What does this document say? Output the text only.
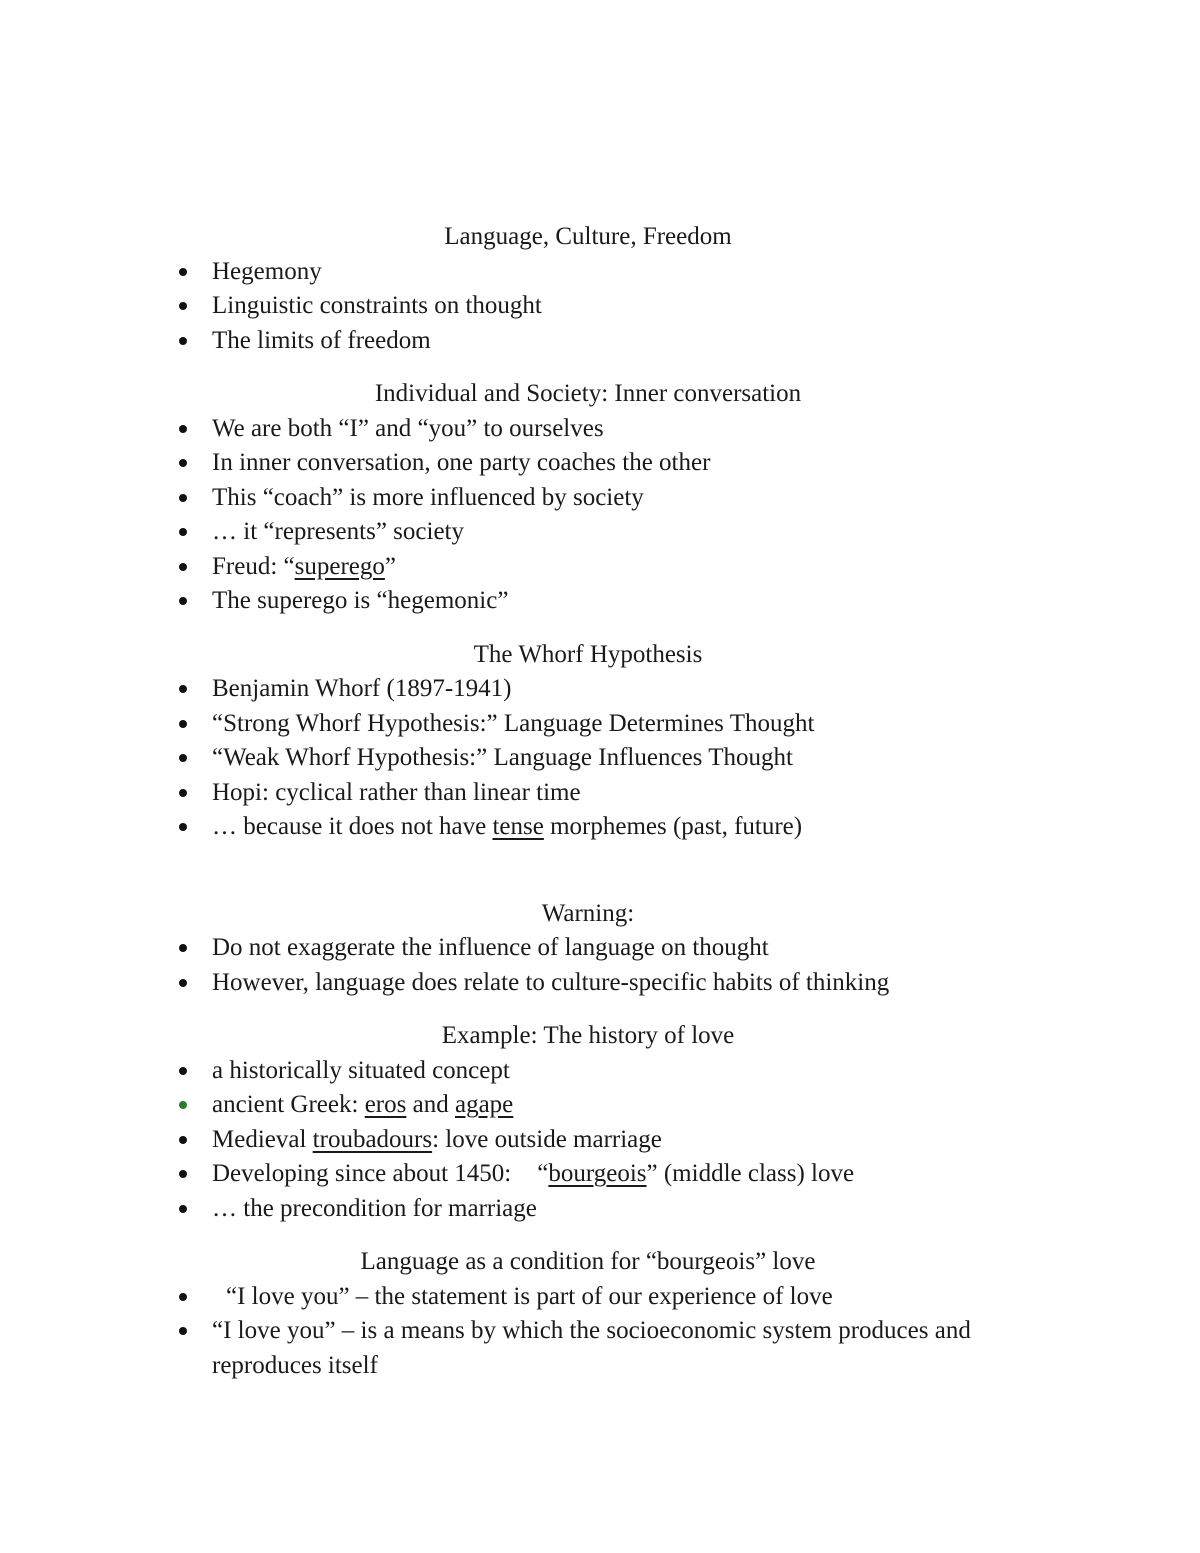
Language, Culture, Freedom

Hegemony
Linguistic constraints on thought
The limits of freedom

Individual and Society: Inner conversation

We are both “I” and “you” to ourselves
In inner conversation, one party coaches the other
This “coach” is more influenced by society
… it “represents” society
Freud: “superego”
The superego is “hegemonic”

The Whorf Hypothesis

Benjamin Whorf (1897-1941)
“Strong Whorf Hypothesis:” Language Determines Thought
“Weak Whorf Hypothesis:” Language Influences Thought
Hopi: cyclical rather than linear time
… because it does not have tense morphemes (past, future)

Warning:

Do not exaggerate the influence of language on thought
However, language does relate to culture-specific habits of thinking

Example: The history of love

a historically situated concept
ancient Greek: eros and agape
Medieval troubadours: love outside marriage
Developing since about 1450: “bourgeois” (middle class) love
… the precondition for marriage

Language as a condition for “bourgeois” love

“I love you” – the statement is part of our experience of love
“I love you” – is a means by which the socioeconomic system produces and reproduces itself
